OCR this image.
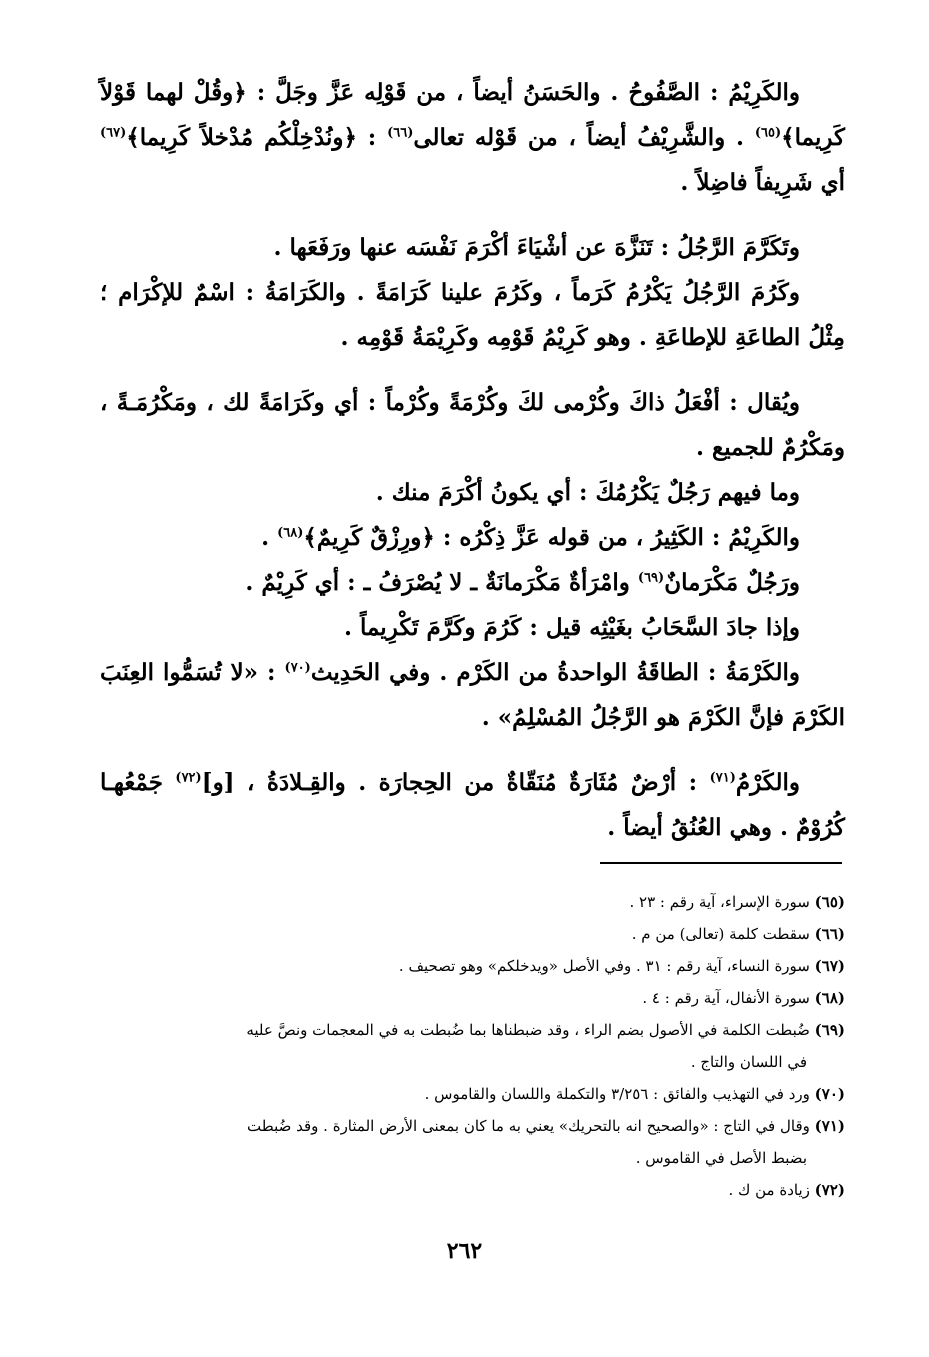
والكَرِيْمُ : الصَّفُوحُ . والحَسَنُ أيضاً ، من قَوْلِه عَزَّ وجَلَّ : ﴿وقُلْ لهما قَوْلاً كَرِيما﴾$^{(٦٥)}$ . والشَّرِيْفُ أيضاً ، من قَوْله تعالى$^{(٦٦)}$ : ﴿ونُدْخِلْكُم مُدْخلاً كَرِيما﴾$^{(٦٧)}$ أي شَرِيفاً فاضِلاً .

وتَكَرَّمَ الرَّجُلُ : تَنَزَّهَ عن أشْيَاءَ أكْرَمَ نَفْسَه عنها ورَفَعَها .

وكَرُمَ الرَّجُلُ يَكْرُمُ كَرَماً ، وكَرُمَ علينا كَرَامَةً . والكَرَامَةُ : اسْمٌ للإكْرَام ؛ مِثْلُ الطاعَةِ للإطاعَةِ . وهو كَرِيْمُ قَوْمِه وكَرِيْمَةُ قَوْمِه .

ويُقال : أفْعَلُ ذاكَ وكُرْمى لكَ وكُرْمَةً وكُرْماً : أي وكَرَامَةً لك ، ومَكْرُمَـةً ، ومَكْرُمٌ للجميع .

وما فيهم رَجُلٌ يَكْرُمُكَ : أي يكونُ أكْرَمَ منك .

والكَرِيْمُ : الكَثِيرُ ، من قوله عَزَّ ذِكْرُه : ﴿ورِزْقٌ كَرِيمٌ﴾$^{(٦٨)}$ .

ورَجُلٌ مَكْرَمانٌ$^{(٦٩)}$ وامْرَأةٌ مَكْرَمانَةٌ ـ لا يُصْرَفُ ـ : أي كَرِيْمٌ .

وإذا جادَ السَّحَابُ بغَيْثِه قيل : كَرُمَ وكَرَّمَ تَكْرِيماً .

والكَرْمَةُ : الطاقَةُ الواحدةُ من الكَرْم . وفي الحَدِيث$^{(٧٠)}$ : «لا تُسَمُّوا العِنَبَ الكَرْمَ فإنَّ الكَرْمَ هو الرَّجُلُ المُسْلِمُ» .

والكَرْمُ$^{(٧١)}$ : أرْضٌ مُثَارَةٌ مُنَقّاةٌ من الحِجارَة . والقِـلادَةُ ، [و]$^{(٧٢)}$ جَمْعُهـا كُرُوْمٌ . وهي العُنُقُ أيضاً .

(٦٥) سورة الإسراء، آية رقم : ٢٣ .

(٦٦) سقطت كلمة (تعالى) من م .

(٦٧) سورة النساء، آية رقم : ٣١ . وفي الأصل «ويدخلكم» وهو تصحيف .

(٦٨) سورة الأنفال، آية رقم : ٤ .

(٦٩) ضُبطت الكلمة في الأصول بضم الراء ، وقد ضبطناها بما ضُبطت به في المعجمات ونصَّ عليه
في اللسان والتاج .

(٧٠) ورد في التهذيب والفائق : ٣/٢٥٦ والتكملة واللسان والقاموس .

(٧١) وقال في التاج : «والصحيح انه بالتحريك» يعني به ما كان بمعنى الأرض المثارة . وقد ضُبطت
بضبط الأصل في القاموس .

(٧٢) زيادة من ك .

٢٦٢
